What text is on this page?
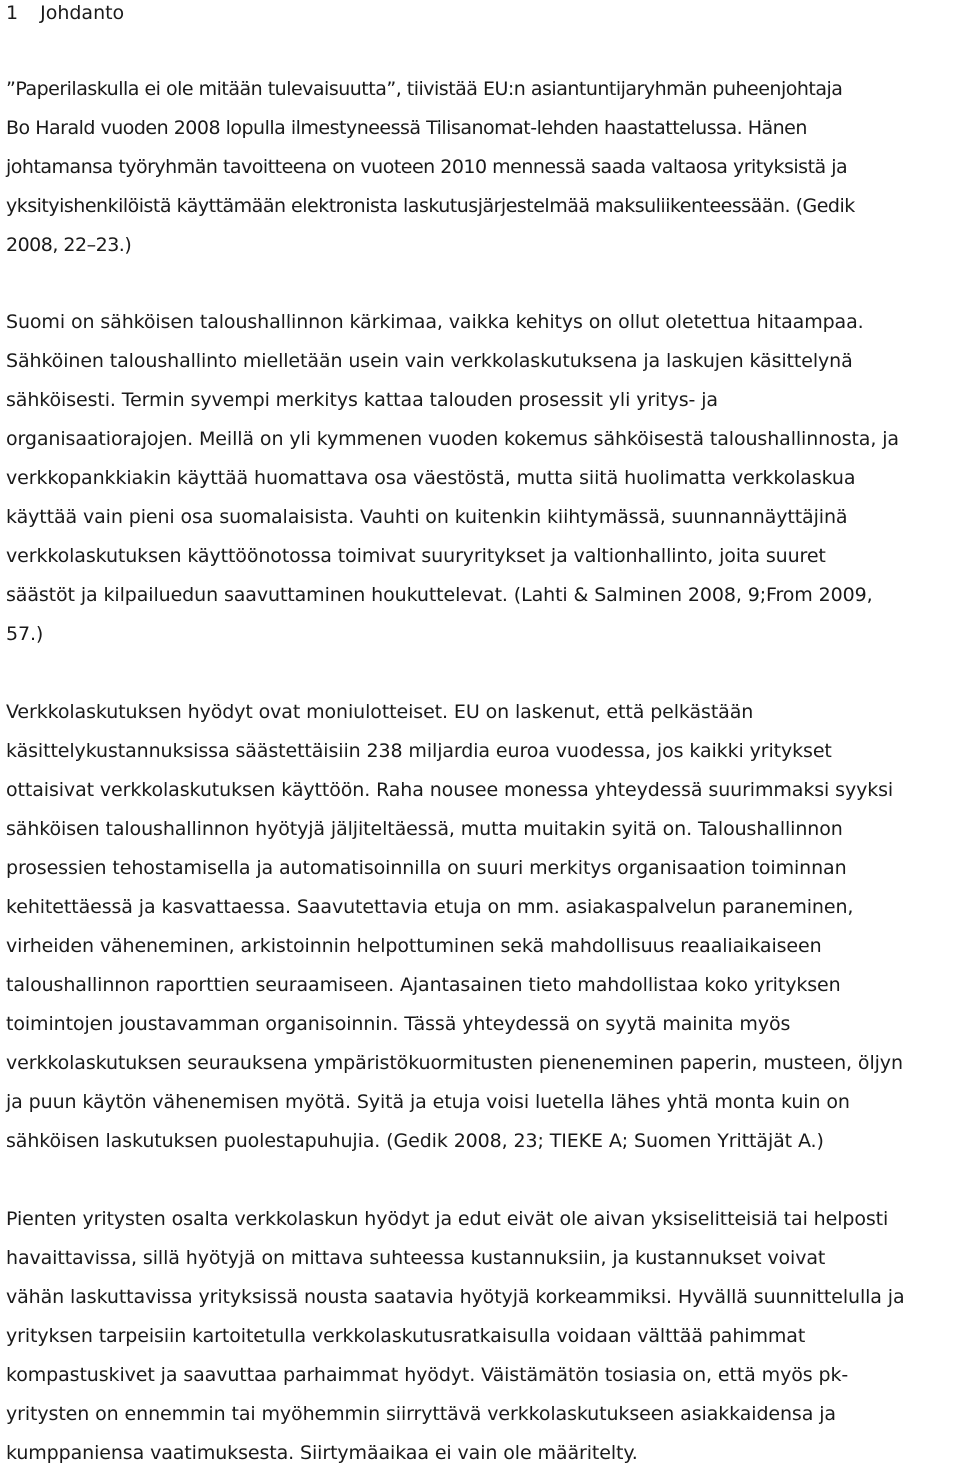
1 Johdanto
”Paperilaskulla ei ole mitään tulevaisuutta”, tiivistää EU:n asiantuntijaryhmän puheenjohtaja
Bo Harald vuoden 2008 lopulla ilmestyneessä Tilisanomat-lehden haastattelussa. Hänen
johtamansa työryhmän tavoitteena on vuoteen 2010 mennessä saada valtaosa yrityksistä ja
yksityishenkilöistä käyttämään elektronista laskutusjärjestelmää maksuliikenteessään. (Gedik
2008, 22–23.)
Suomi on sähköisen taloushallinnon kärkimaa, vaikka kehitys on ollut oletettua hitaampaa.
Sähköinen taloushallinto mielletään usein vain verkkolaskutuksena ja laskujen käsittelynä
sähköisesti. Termin syvempi merkitys kattaa talouden prosessit yli yritys- ja
organisaatiorajojen. Meillä on yli kymmenen vuoden kokemus sähköisestä taloushallinnosta, ja
verkkopankkiakin käyttää huomattava osa väestöstä, mutta siitä huolimatta verkkolaskua
käyttää vain pieni osa suomalaisista. Vauhti on kuitenkin kiihtymässä, suunnannäyttäjinä
verkkolaskutuksen käyttöönotossa toimivat suuryritykset ja valtionhallinto, joita suuret
säästöt ja kilpailuedun saavuttaminen houkuttelevat. (Lahti & Salminen 2008, 9;From 2009,
57.)
Verkkolaskutuksen hyödyt ovat moniulotteiset. EU on laskenut, että pelkästään
käsittelykustannuksissa säästettäisiin 238 miljardia euroa vuodessa, jos kaikki yritykset
ottaisivat verkkolaskutuksen käyttöön. Raha nousee monessa yhteydessä suurimmaksi syyksi
sähköisen taloushallinnon hyötyjä jäljiteltäessä, mutta muitakin syitä on. Taloushallinnon
prosessien tehostamisella ja automatisoinnilla on suuri merkitys organisaation toiminnan
kehitettäessä ja kasvattaessa. Saavutettavia etuja on mm. asiakaspalvelun paraneminen,
virheiden väheneminen, arkistoinnin helpottuminen sekä mahdollisuus reaaliaikaiseen
taloushallinnon raporttien seuraamiseen. Ajantasainen tieto mahdollistaa koko yrityksen
toimintojen joustavamman organisoinnin. Tässä yhteydessä on syytä mainita myös
verkkolaskutuksen seurauksena ympäristökuormitusten pieneneminen paperin, musteen, öljyn
ja puun käytön vähenemisen myötä. Syitä ja etuja voisi luetella lähes yhtä monta kuin on
sähköisen laskutuksen puolestapuhujia. (Gedik 2008, 23; TIEKE A; Suomen Yrittäjät A.)
Pienten yritysten osalta verkkolaskun hyödyt ja edut eivät ole aivan yksiselitteisiä tai helposti
havaittavissa, sillä hyötyjä on mittava suhteessa kustannuksiin, ja kustannukset voivat
vähän laskuttavissa yrityksissä nousta saatavia hyötyjä korkeammiksi. Hyvällä suunnittelulla ja
yrityksen tarpeisiin kartoitetulla verkkolaskutusratkaisulla voidaan välttää pahimmat
kompastuskivet ja saavuttaa parhaimmat hyödyt. Väistämätön tosiasia on, että myös pk-
yritysten on ennemmin tai myöhemmin siirryttävä verkkolaskutukseen asiakkaidensa ja
kumppaniensa vaatimuksesta. Siirtymäaikaa ei vain ole määritelty.
